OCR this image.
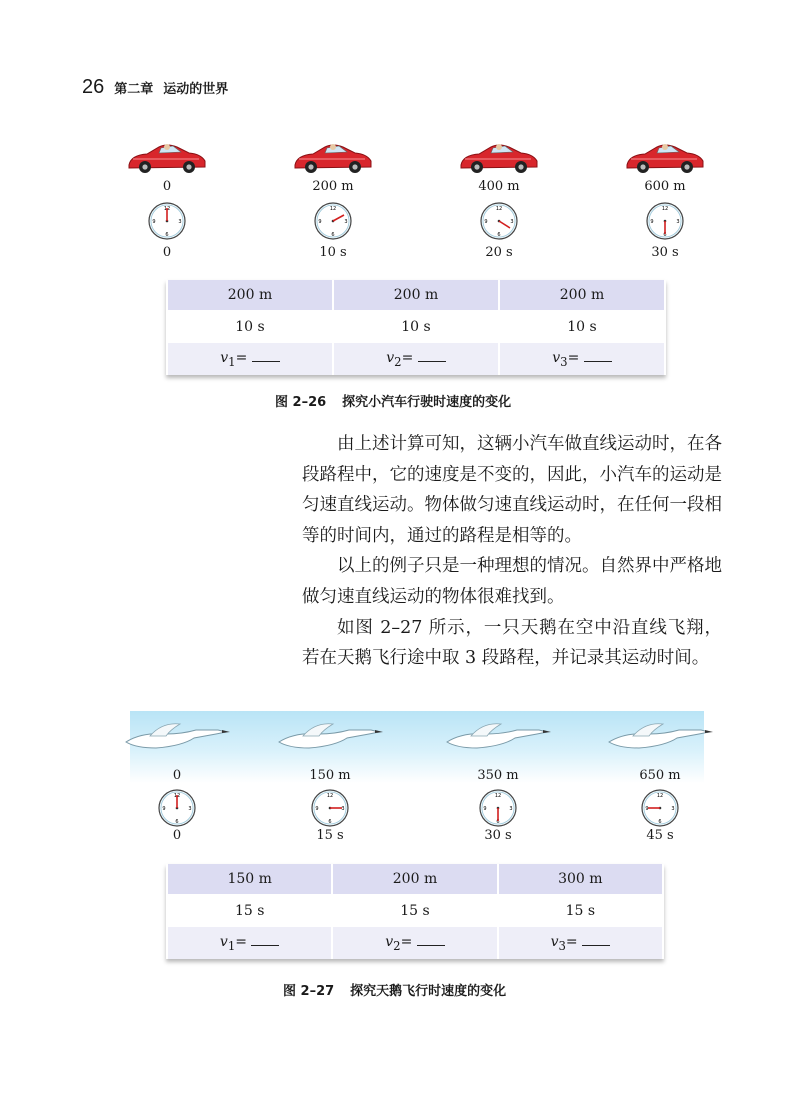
26 第二章 运动的世界
0
0
200 m
10 s
400 m
20 s
600 m
30 s
200 m	200 m	200 m
10 s	10 s	10 s
$v_1=$	$v_2=$	$v_3=$
图 2–26 探究小汽车行驶时速度的变化

由上述计算可知，这辆小汽车做直线运动时，在各段路程中，它的速度是不变的，因此，小汽车的运动是匀速直线运动。物体做匀速直线运动时，在任何一段相等的时间内，通过的路程是相等的。

以上的例子只是一种理想的情况。自然界中严格地做匀速直线运动的物体很难找到。

如图 2–27 所示，一只天鹅在空中沿直线飞翔，若在天鹅飞行途中取 3 段路程，并记录其运动时间。

0
0
150 m
15 s
350 m
30 s
650 m
45 s
150 m	200 m	300 m
15 s	15 s	15 s
$v_1=$	$v_2=$	$v_3=$
图 2–27 探究天鹅飞行时速度的变化
